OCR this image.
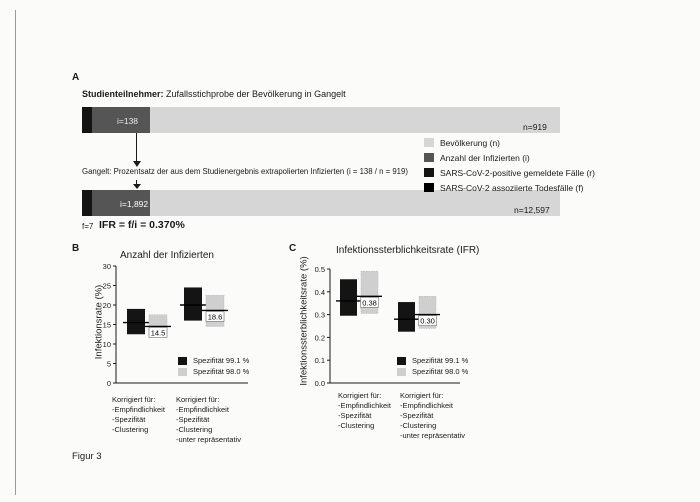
A
Studienteilnehmer: Zufallsstichprobe der Bevölkerung in Gangelt
i=138
n=919
Gangelt: Prozentsatz der aus dem Studienergebnis extrapolierten Infizierten (i = 138 / n = 919)
i=1,892
n=12,597
f=7 IFR = f/i = 0.370%
Bevölkerung (n)
Anzahl der Infizierten (i)
SARS-CoV-2-positive gemeldete Fälle (r)
SARS-CoV-2 assoziierte Todesfälle (f)
B
Anzahl der Infizierten
Infektionsrate (%)
0
5
10
15
20
25
30
14.5
18.6
Korrigiert für:
-Empfindlichkeit
-Spezifität
-Clustering
Korrigiert für:
-Empfindlichkeit
-Spezifität
-Clustering
-unter repräsentativ
Spezifität 99.1 %
Spezifität 98.0 %
C	Infektionssterblichkeitsrate (IFR)
Infektionssterblichkeitsrate (%) 0.0
0.1
0.2
0.3
0.4
0.5
0.38
0.30
Korrigiert für:
-Empfindlichkeit
-Spezifität
-Clustering
Korrigiert für:
-Empfindlichkeit
-Spezifität
-Clustering
-unter repräsentativ
Spezifität 99.1 %
Spezifität 98.0 %
Figur 3
